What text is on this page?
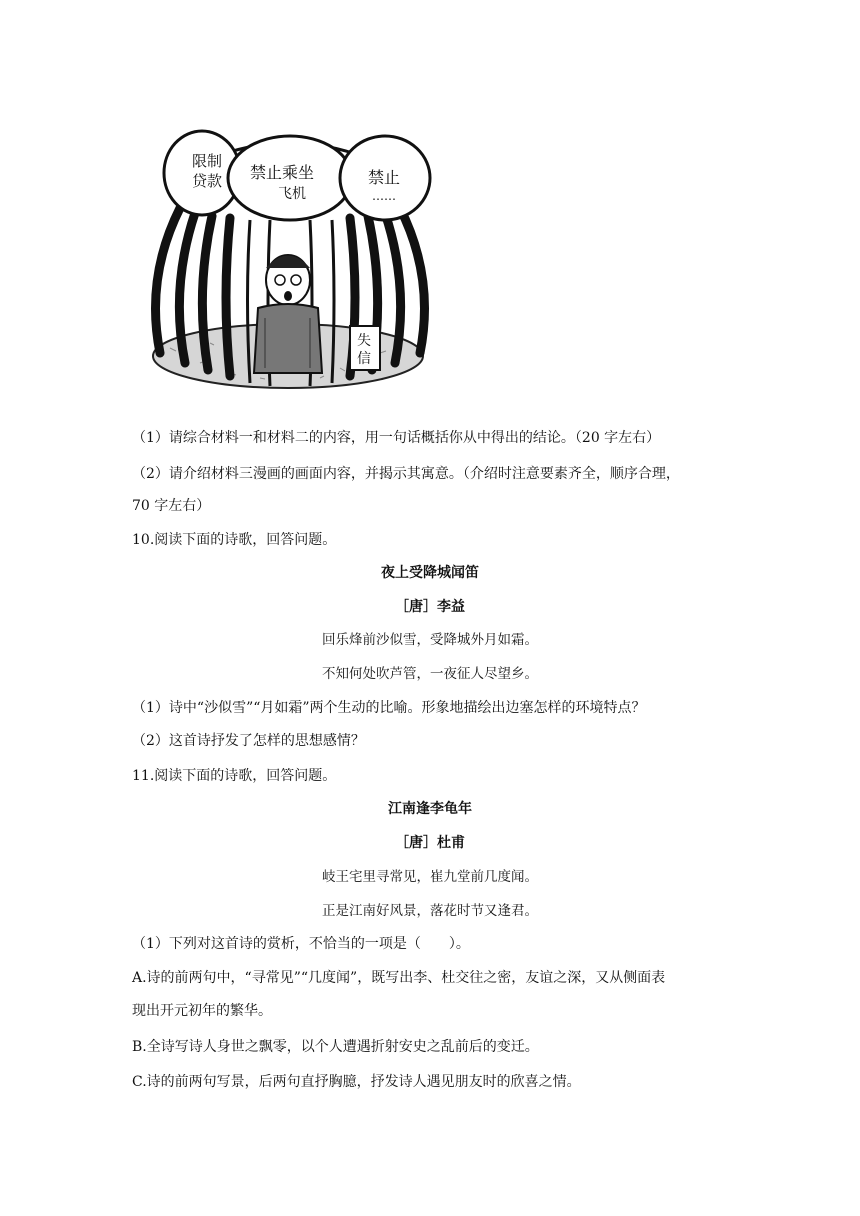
限制
贷款 禁止乘坐
飞机
禁止
……
失
信
（1）请综合材料一和材料二的内容，用一句话概括你从中得出的结论。（20 字左右）
（2）请介绍材料三漫画的画面内容，并揭示其寓意。（介绍时注意要素齐全，顺序合理，
70 字左右）
10.阅读下面的诗歌，回答问题。
夜上受降城闻笛
［唐］李益
回乐烽前沙似雪，受降城外月如霜。
不知何处吹芦管，一夜征人尽望乡。
（1）诗中“沙似雪”“月如霜”两个生动的比喻。形象地描绘出边塞怎样的环境特点？
（2）这首诗抒发了怎样的思想感情？
11.阅读下面的诗歌，回答问题。
江南逢李龟年
［唐］杜甫
岐王宅里寻常见，崔九堂前几度闻。
正是江南好风景，落花时节又逢君。
（1）下列对这首诗的赏析，不恰当的一项是（　　）。
A.诗的前两句中，“寻常见”“几度闻”，既写出李、杜交往之密，友谊之深，又从侧面表
现出开元初年的繁华。
B.全诗写诗人身世之飘零，以个人遭遇折射安史之乱前后的变迁。
C.诗的前两句写景，后两句直抒胸臆，抒发诗人遇见朋友时的欣喜之情。
